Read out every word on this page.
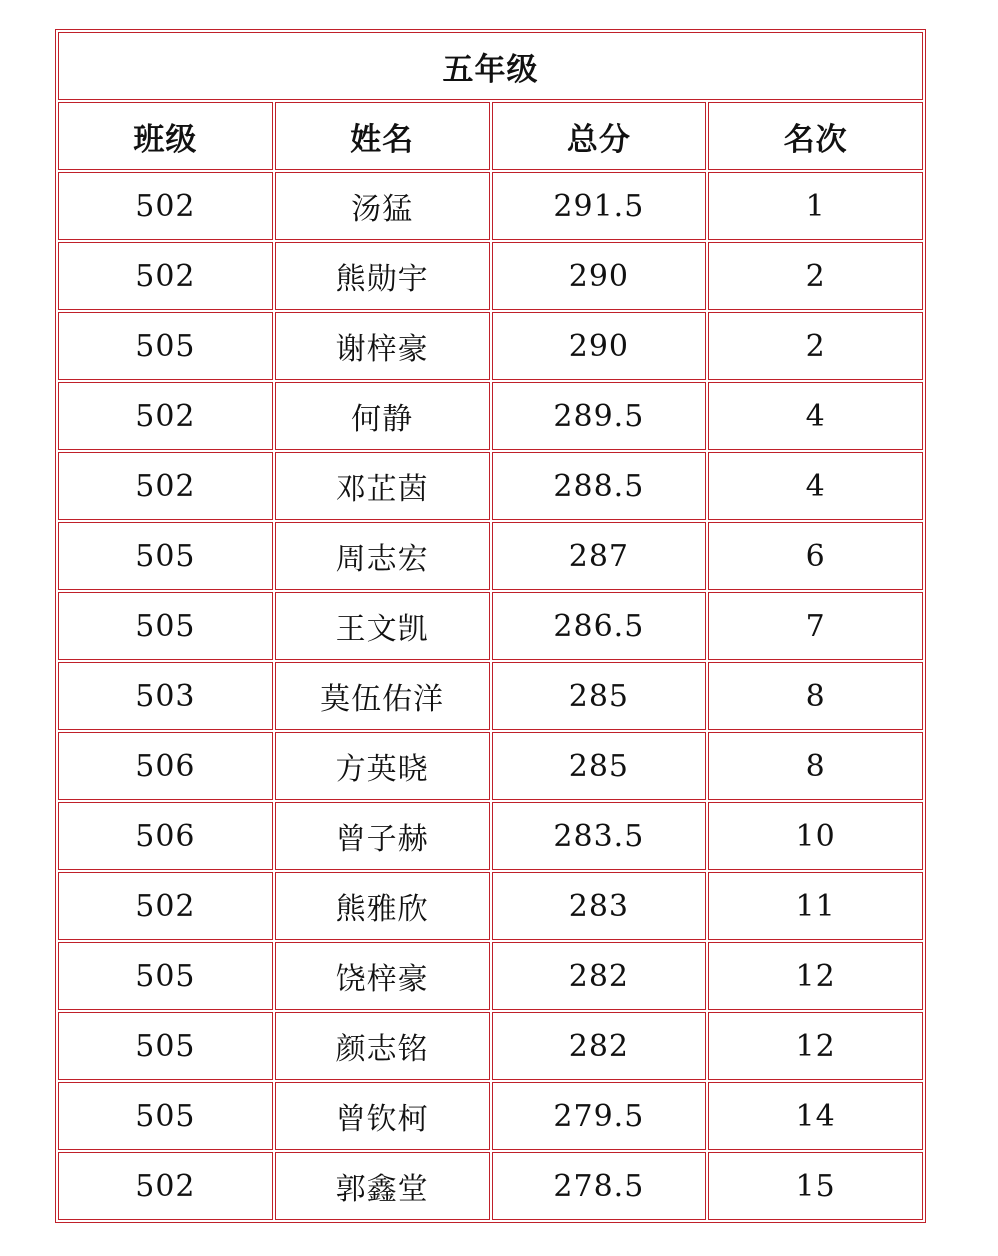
五年级			
班级	姓名	总分	名次
502	汤猛	291.5	1
502	熊勋宇	290	2
505	谢梓豪	290	2
502	何静	289.5	4
502	邓芷茵	288.5	4
505	周志宏	287	6
505	王文凯	286.5	7
503	莫伍佑洋	285	8
506	方英晓	285	8
506	曾子赫	283.5	10
502	熊雅欣	283	11
505	饶梓豪	282	12
505	颜志铭	282	12
505	曾钦柯	279.5	14
502	郭鑫堂	278.5	15
